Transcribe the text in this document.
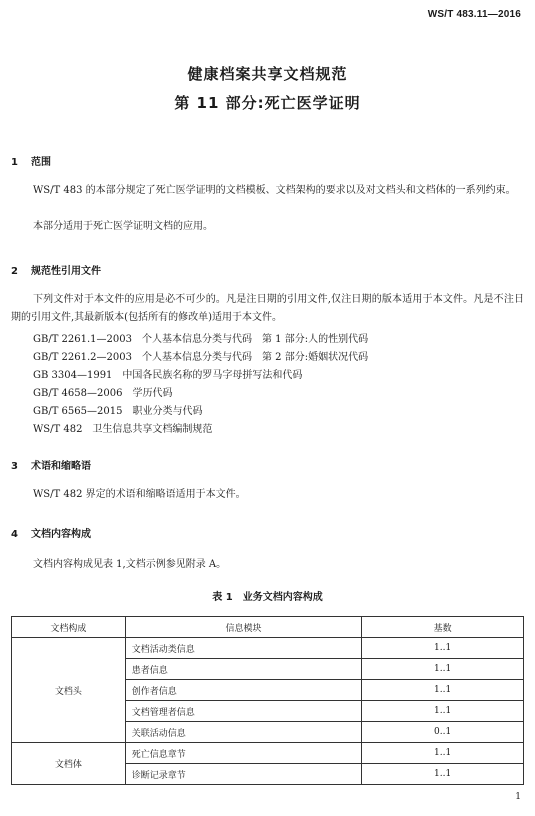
WS/T 483.11—2016
健康档案共享文档规范
第 11 部分:死亡医学证明
1 范围
WS/T 483 的本部分规定了死亡医学证明的文档模板、文档架构的要求以及对文档头和文档体的一系列约束。
本部分适用于死亡医学证明文档的应用。
2 规范性引用文件
下列文件对于本文件的应用是必不可少的。凡是注日期的引用文件,仅注日期的版本适用于本文件。凡是不注日期的引用文件,其最新版本(包括所有的修改单)适用于本文件。
GB/T 2261.1—2003　个人基本信息分类与代码　第 1 部分:人的性别代码
GB/T 2261.2—2003　个人基本信息分类与代码　第 2 部分:婚姻状况代码
GB 3304—1991　中国各民族名称的罗马字母拼写法和代码
GB/T 4658—2006　学历代码
GB/T 6565—2015　职业分类与代码
WS/T 482　卫生信息共享文档编制规范
3 术语和缩略语
WS/T 482 界定的术语和缩略语适用于本文件。
4 文档内容构成
文档内容构成见表 1,文档示例参见附录 A。
表 1　业务文档内容构成
文档构成	信息模块	基数
文档头	文档活动类信息	1..1
	患者信息	1..1
	创作者信息	1..1
	文档管理者信息	1..1
	关联活动信息	0..1
文档体	死亡信息章节	1..1
	诊断记录章节	1..1
1
